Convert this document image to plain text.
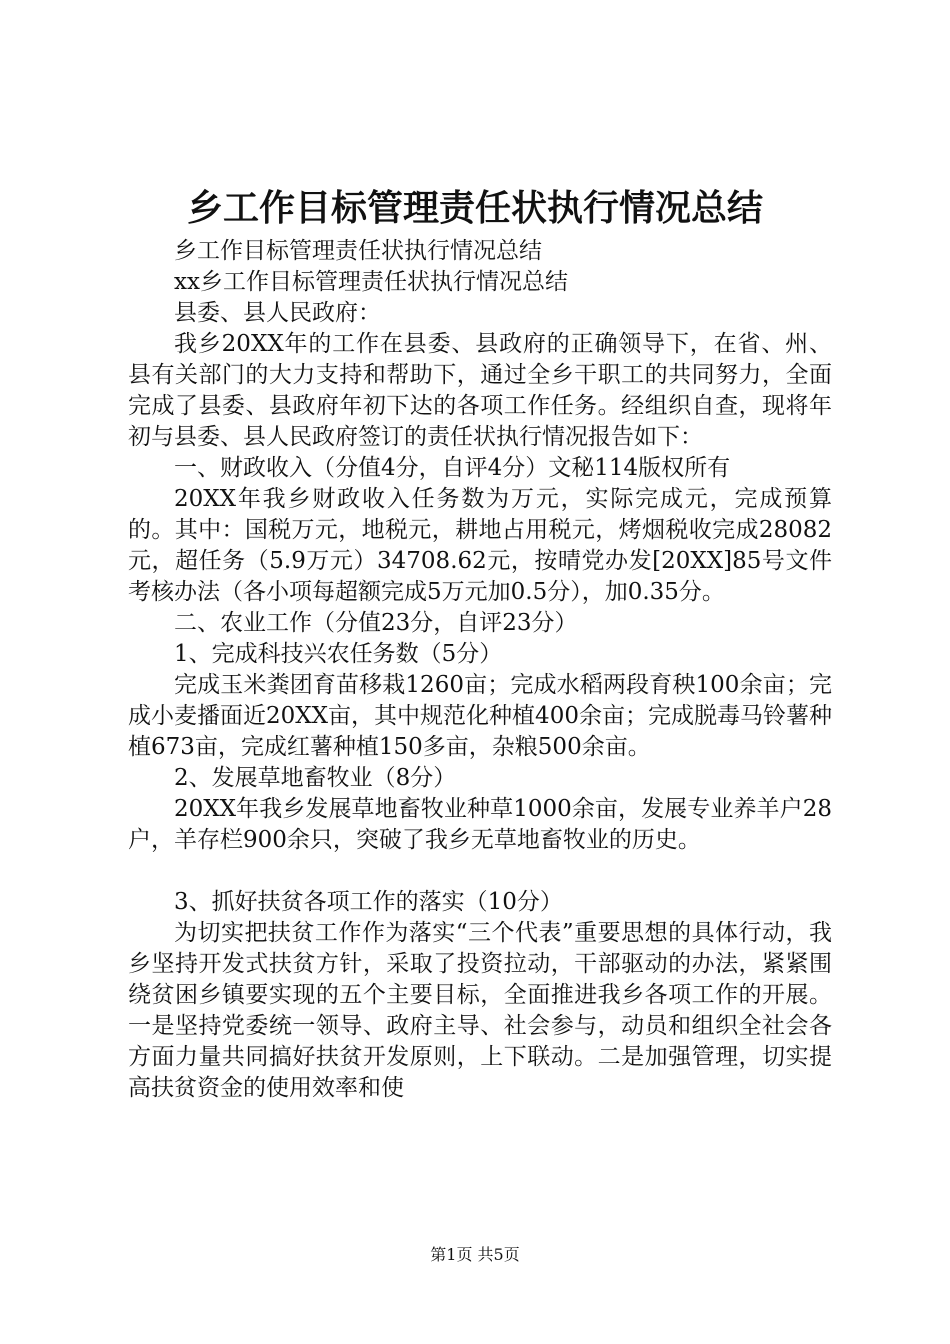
乡工作目标管理责任状执行情况总结

乡工作目标管理责任状执行情况总结

xx乡工作目标管理责任状执行情况总结

县委、县人民政府：

我乡20XX年的工作在县委、县政府的正确领导下，在省、州、县有关部门的大力支持和帮助下，通过全乡干职工的共同努力，全面完成了县委、县政府年初下达的各项工作任务。经组织自查，现将年初与县委、县人民政府签订的责任状执行情况报告如下：

一、财政收入（分值4分，自评4分）文秘114版权所有

20XX年我乡财政收入任务数为万元，实际完成元，完成预算的。其中：国税万元，地税元，耕地占用税元，烤烟税收完成28082元，超任务（5.9万元）34708.62元，按晴党办发[20XX]85号文件考核办法（各小项每超额完成5万元加0.5分），加0.35分。

二、农业工作（分值23分，自评23分）

1、完成科技兴农任务数（5分）

完成玉米粪团育苗移栽1260亩；完成水稻两段育秧100余亩；完成小麦播面近20XX亩，其中规范化种植400余亩；完成脱毒马铃薯种植673亩，完成红薯种植150多亩，杂粮500余亩。

2、发展草地畜牧业（8分）

20XX年我乡发展草地畜牧业种草1000余亩，发展专业养羊户28户，羊存栏900余只，突破了我乡无草地畜牧业的历史。

3、抓好扶贫各项工作的落实（10分）

为切实把扶贫工作作为落实“三个代表”重要思想的具体行动，我乡坚持开发式扶贫方针，采取了投资拉动，干部驱动的办法，紧紧围绕贫困乡镇要实现的五个主要目标，全面推进我乡各项工作的开展。一是坚持党委统一领导、政府主导、社会参与，动员和组织全社会各方面力量共同搞好扶贫开发原则，上下联动。二是加强管理，切实提高扶贫资金的使用效率和使

第1页 共5页
